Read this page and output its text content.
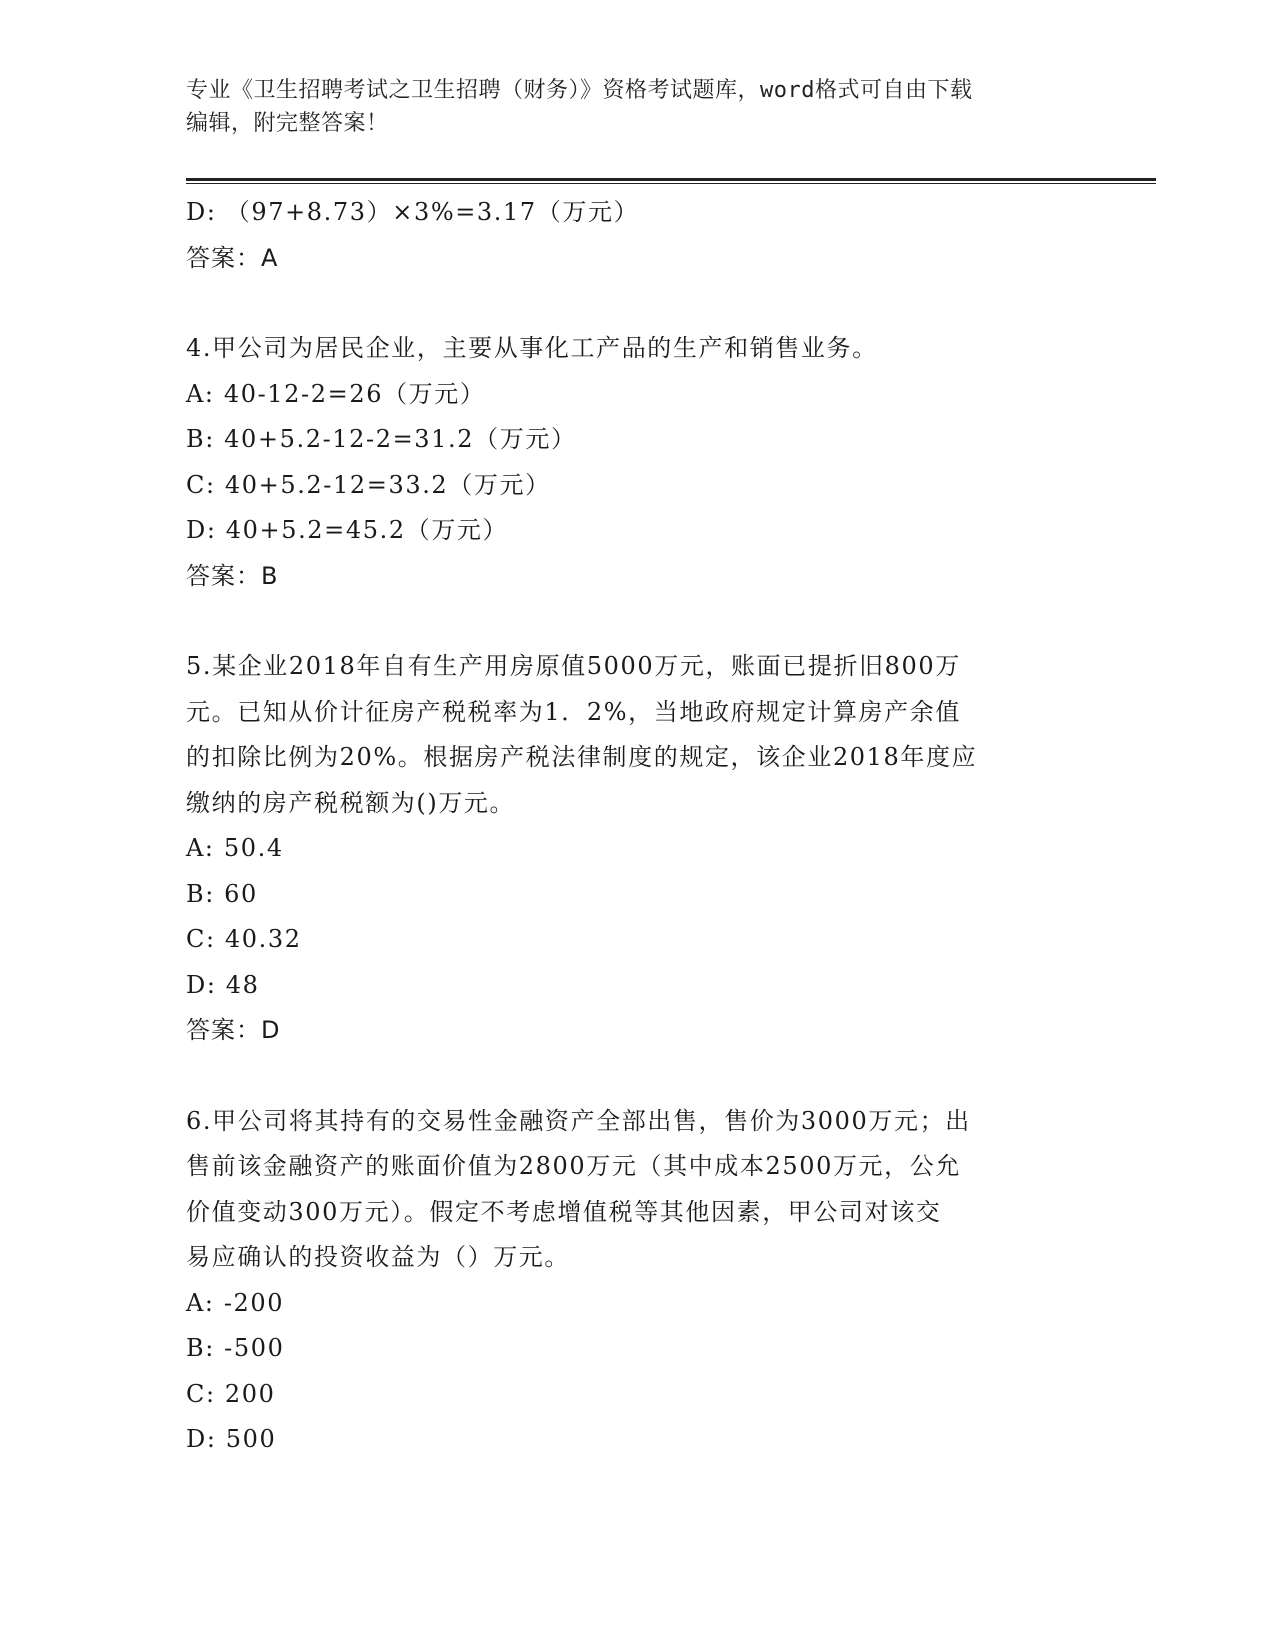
专业《卫生招聘考试之卫生招聘（财务）》资格考试题库，word格式可自由下载
编辑，附完整答案！
D: （97+8.73）×3%=3.17（万元）
答案：A
4.甲公司为居民企业，主要从事化工产品的生产和销售业务。
A: 40-12-2=26（万元）
B: 40+5.2-12-2=31.2（万元）
C: 40+5.2-12=33.2（万元）
D: 40+5.2=45.2（万元）
答案：B
5.某企业2018年自有生产用房原值5000万元，账面已提折旧800万
元。已知从价计征房产税税率为1．2%，当地政府规定计算房产余值
的扣除比例为20%。根据房产税法律制度的规定，该企业2018年度应
缴纳的房产税税额为()万元。
A: 50.4
B: 60
C: 40.32
D: 48
答案：D
6.甲公司将其持有的交易性金融资产全部出售，售价为3000万元；出
售前该金融资产的账面价值为2800万元（其中成本2500万元，公允
价值变动300万元）。假定不考虑增值税等其他因素，甲公司对该交
易应确认的投资收益为（）万元。
A: -200
B: -500
C: 200
D: 500
